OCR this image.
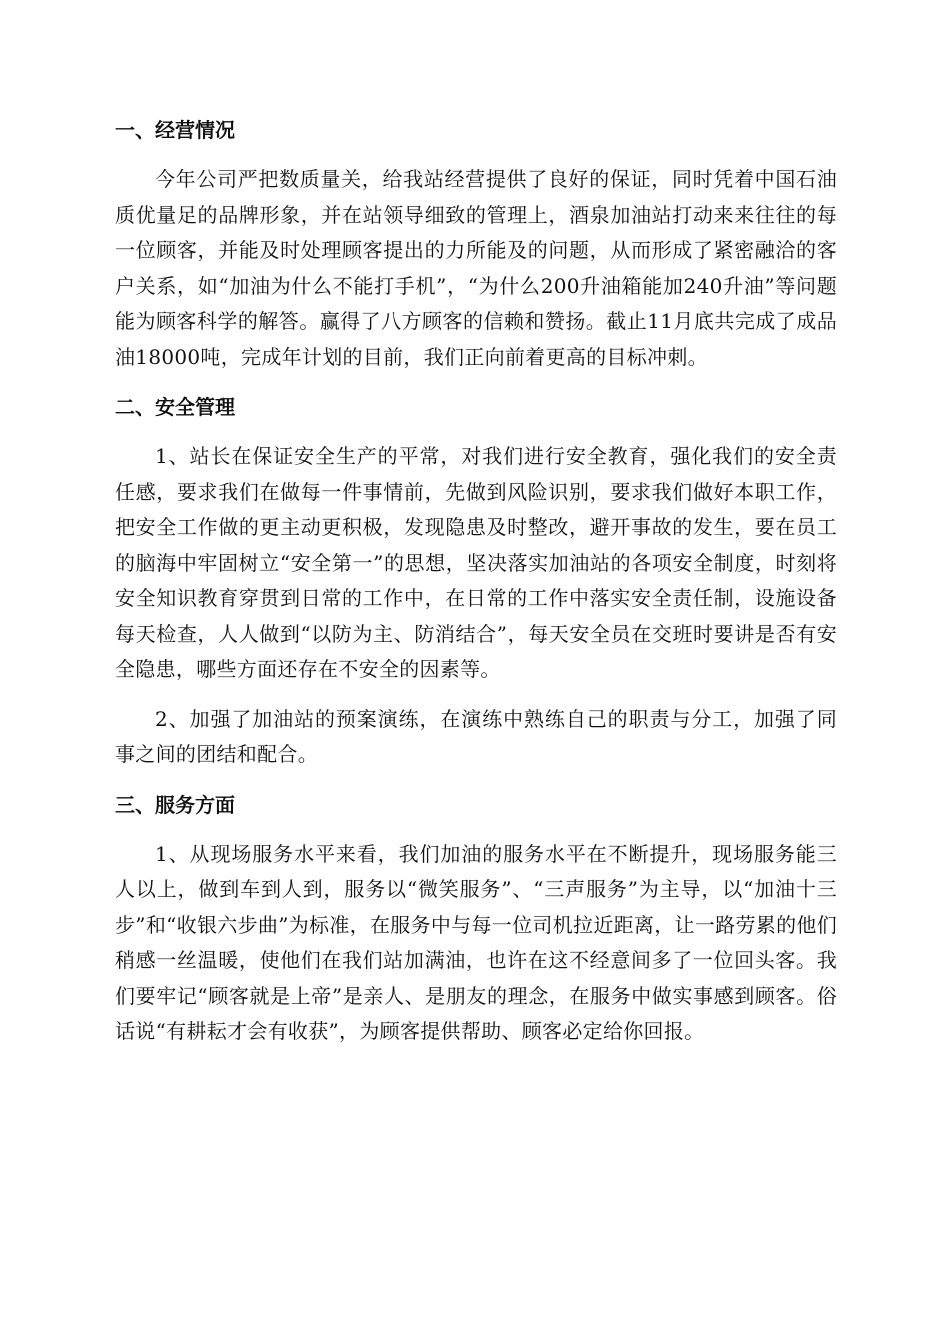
一、经营情况

今年公司严把数质量关，给我站经营提供了良好的保证，同时凭着中国石油质优量足的品牌形象，并在站领导细致的管理上，酒泉加油站打动来来往往的每一位顾客，并能及时处理顾客提出的力所能及的问题，从而形成了紧密融洽的客户关系，如“加油为什么不能打手机”，“为什么200升油箱能加240升油”等问题能为顾客科学的解答。赢得了八方顾客的信赖和赞扬。截止11月底共完成了成品油18000吨，完成年计划的目前，我们正向前着更高的目标冲刺。

二、安全管理

1、站长在保证安全生产的平常，对我们进行安全教育，强化我们的安全责任感，要求我们在做每一件事情前，先做到风险识别，要求我们做好本职工作，把安全工作做的更主动更积极，发现隐患及时整改，避开事故的发生，要在员工的脑海中牢固树立“安全第一”的思想，坚决落实加油站的各项安全制度，时刻将安全知识教育穿贯到日常的工作中，在日常的工作中落实安全责任制，设施设备每天检查，人人做到“以防为主、防消结合”，每天安全员在交班时要讲是否有安全隐患，哪些方面还存在不安全的因素等。

2、加强了加油站的预案演练，在演练中熟练自己的职责与分工，加强了同事之间的团结和配合。

三、服务方面

1、从现场服务水平来看，我们加油的服务水平在不断提升，现场服务能三人以上，做到车到人到，服务以“微笑服务”、“三声服务”为主导，以“加油十三步”和“收银六步曲”为标准，在服务中与每一位司机拉近距离，让一路劳累的他们稍感一丝温暖，使他们在我们站加满油，也许在这不经意间多了一位回头客。我们要牢记“顾客就是上帝”是亲人、是朋友的理念，在服务中做实事感到顾客。俗话说“有耕耘才会有收获”，为顾客提供帮助、顾客必定给你回报。
